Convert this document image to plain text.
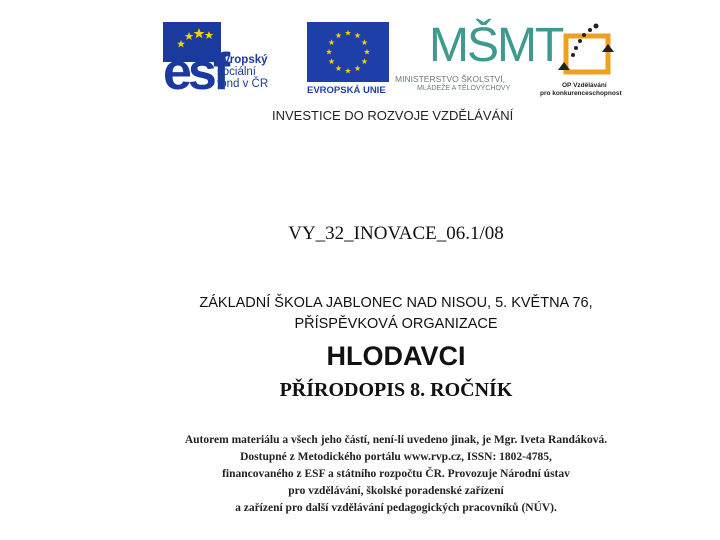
esf
evropský
sociální
fond v ČR
EVROPSKÁ UNIE
MŠMT
MINISTERSTVO ŠKOLSTVÍ,
MLÁDEŽE A TĚLOVÝCHOVY	OP Vzdělávání
pro konkurenceschopnost
INVESTICE DO ROZVOJE VZDĚLÁVÁNÍ
VY_32_INOVACE_06.1/08
ZÁKLADNÍ ŠKOLA JABLONEC NAD NISOU, 5. KVĚTNA 76,
PŘÍSPĚVKOVÁ ORGANIZACE
HLODAVCI
PŘÍRODOPIS 8. ROČNÍK
Autorem materiálu a všech jeho částí, není-li uvedeno jinak, je Mgr. Iveta Randáková.
Dostupné z Metodického portálu www.rvp.cz, ISSN: 1802-4785,
financovaného z ESF a státního rozpočtu ČR. Provozuje Národní ústav
pro vzdělávání, školské poradenské zařízení
a zařízení pro další vzdělávání pedagogických pracovníků (NÚV).
